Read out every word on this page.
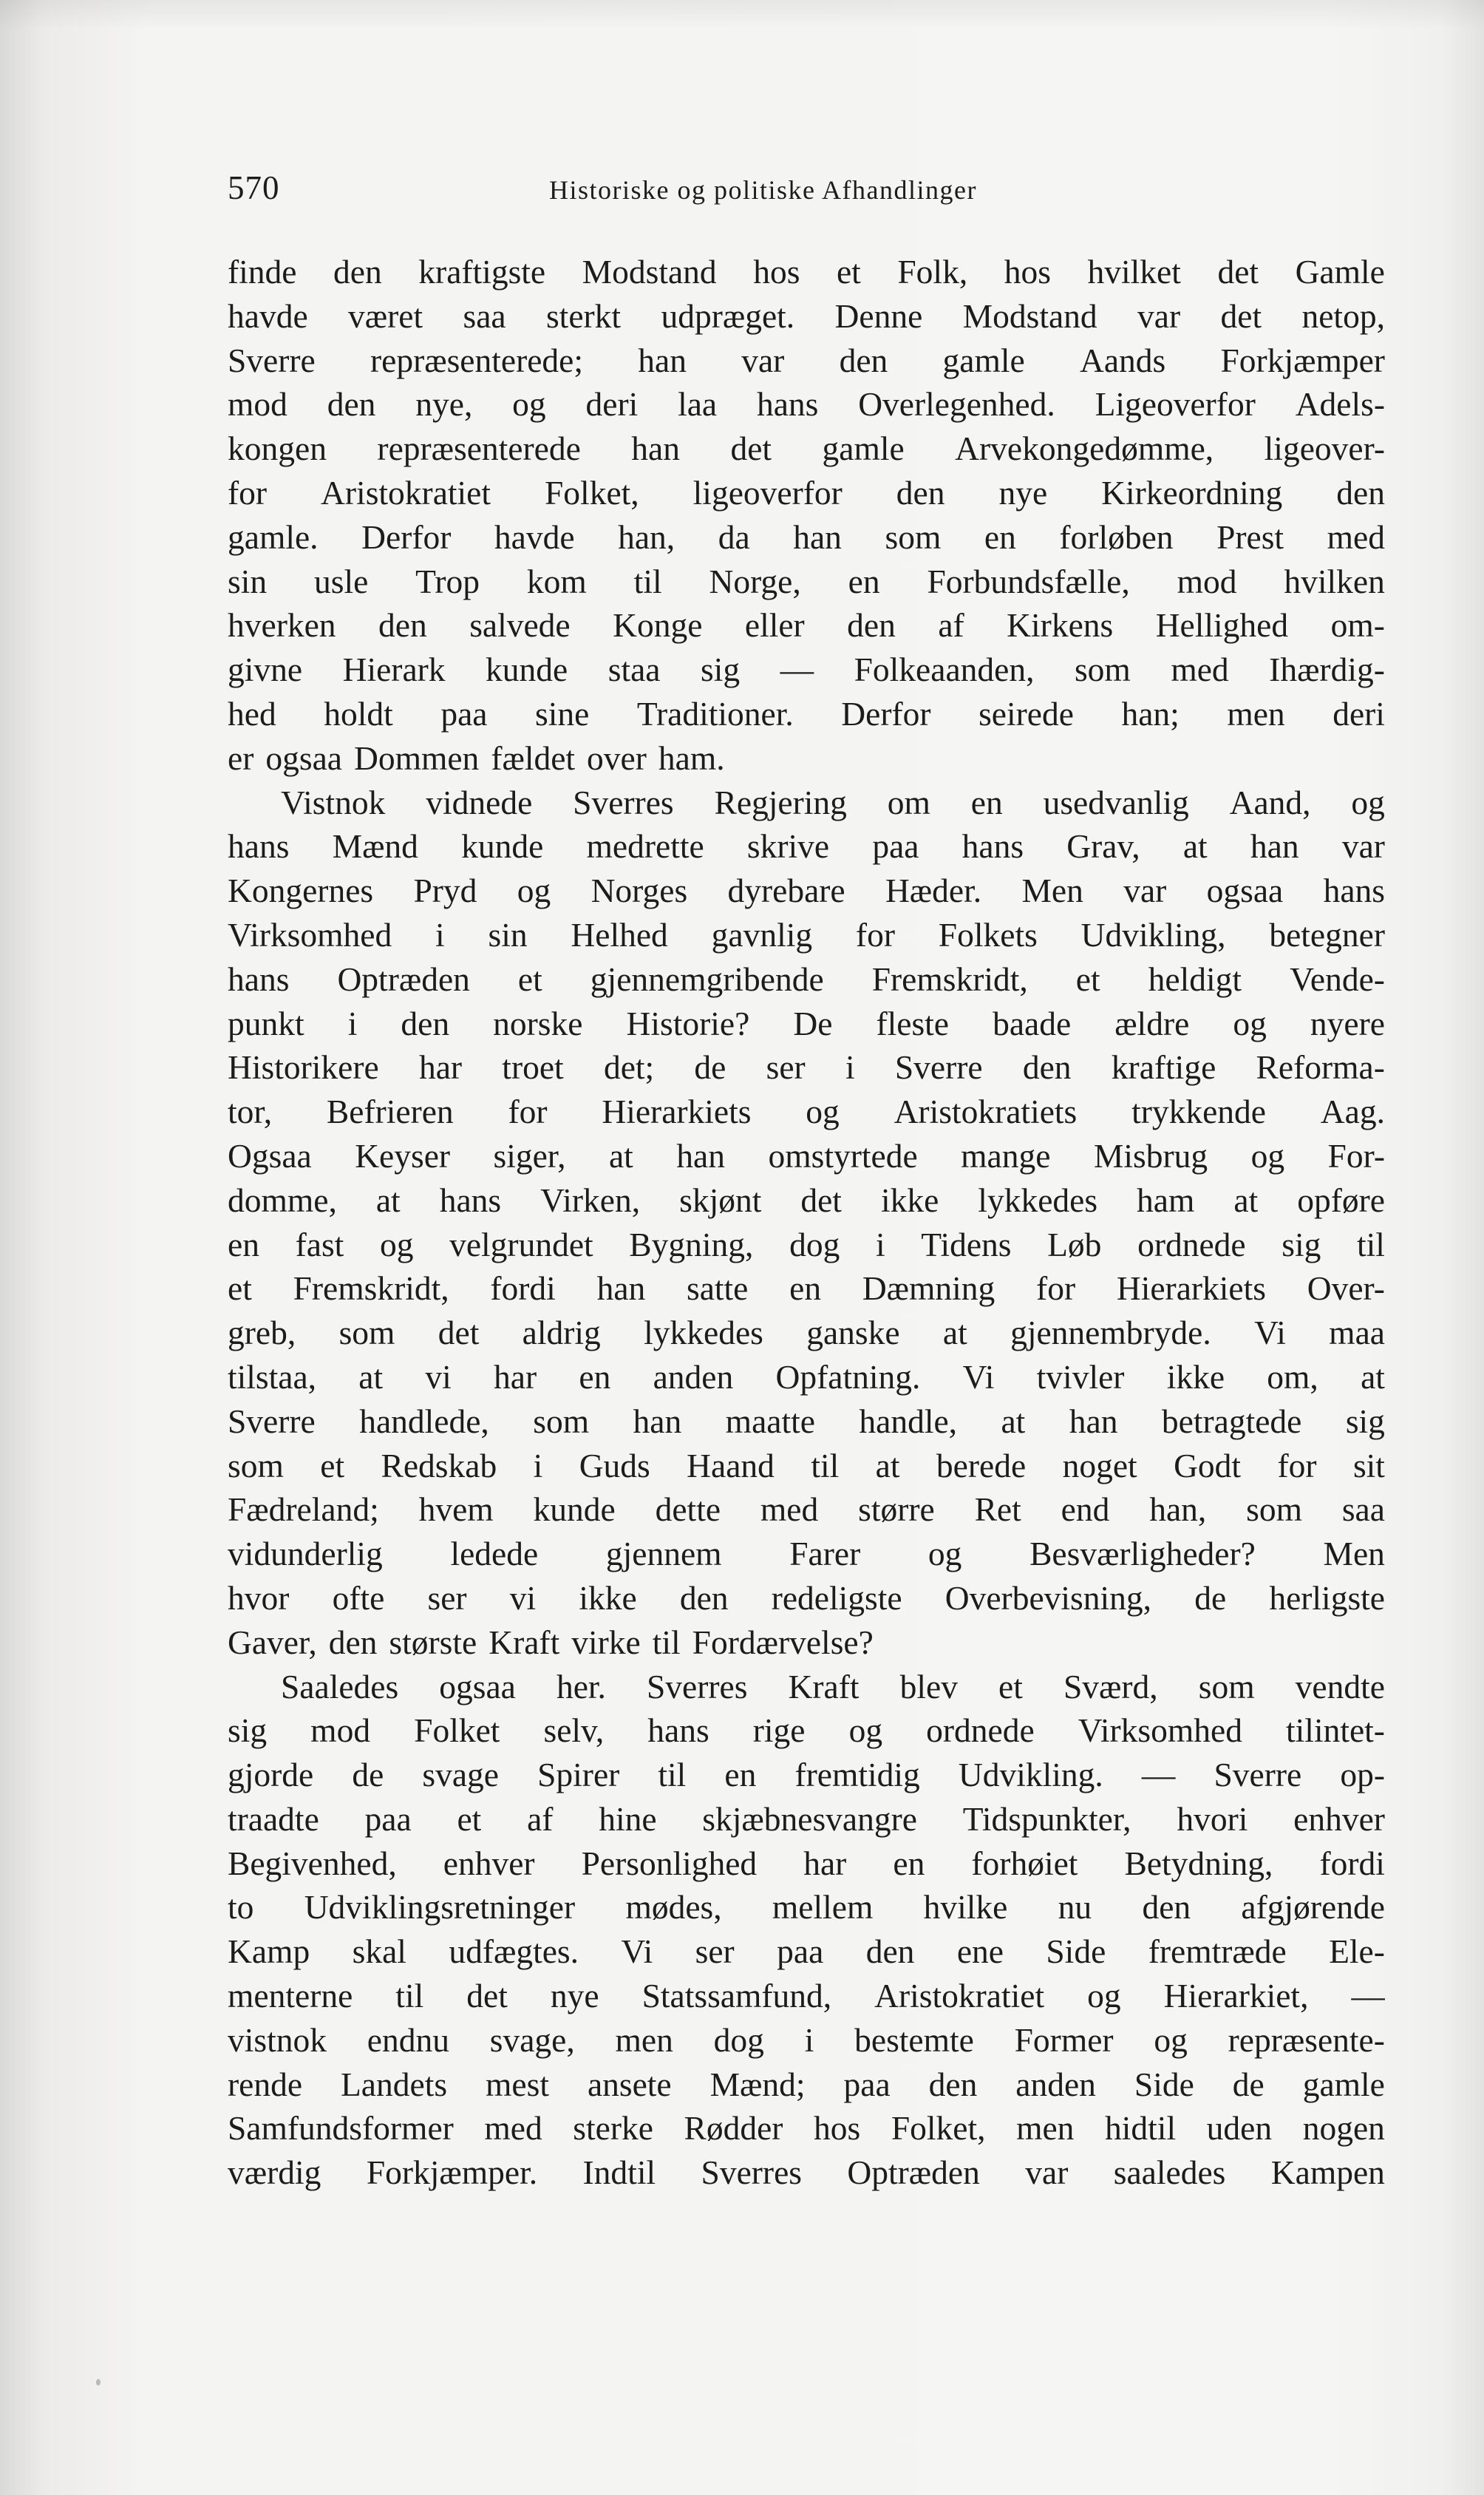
570	Historiske og politiske Afhandlinger
finde den kraftigste Modstand hos et Folk, hos hvilket det Gamle
havde været saa sterkt udpræget. Denne Modstand var det netop,
Sverre repræsenterede; han var den gamle Aands Forkjæmper
mod den nye, og deri laa hans Overlegenhed. Ligeoverfor Adels-
kongen repræsenterede han det gamle Arvekongedømme, ligeover-
for Aristokratiet Folket, ligeoverfor den nye Kirkeordning den
gamle. Derfor havde han, da han som en forløben Prest med
sin usle Trop kom til Norge, en Forbundsfælle, mod hvilken
hverken den salvede Konge eller den af Kirkens Hellighed om-
givne Hierark kunde staa sig — Folkeaanden, som med Ihærdig-
hed holdt paa sine Traditioner. Derfor seirede han; men deri
er ogsaa Dommen fældet over ham.
Vistnok vidnede Sverres Regjering om en usedvanlig Aand, og
hans Mænd kunde medrette skrive paa hans Grav, at han var
Kongernes Pryd og Norges dyrebare Hæder. Men var ogsaa hans
Virksomhed i sin Helhed gavnlig for Folkets Udvikling, betegner
hans Optræden et gjennemgribende Fremskridt, et heldigt Vende-
punkt i den norske Historie? De fleste baade ældre og nyere
Historikere har troet det; de ser i Sverre den kraftige Reforma-
tor, Befrieren for Hierarkiets og Aristokratiets trykkende Aag.
Ogsaa Keyser siger, at han omstyrtede mange Misbrug og For-
domme, at hans Virken, skjønt det ikke lykkedes ham at opføre
en fast og velgrundet Bygning, dog i Tidens Løb ordnede sig til
et Fremskridt, fordi han satte en Dæmning for Hierarkiets Over-
greb, som det aldrig lykkedes ganske at gjennembryde. Vi maa
tilstaa, at vi har en anden Opfatning. Vi tvivler ikke om, at
Sverre handlede, som han maatte handle, at han betragtede sig
som et Redskab i Guds Haand til at berede noget Godt for sit
Fædreland; hvem kunde dette med større Ret end han, som saa
vidunderlig ledede gjennem Farer og Besværligheder? Men
hvor ofte ser vi ikke den redeligste Overbevisning, de herligste
Gaver, den største Kraft virke til Fordærvelse?
Saaledes ogsaa her. Sverres Kraft blev et Sværd, som vendte
sig mod Folket selv, hans rige og ordnede Virksomhed tilintet-
gjorde de svage Spirer til en fremtidig Udvikling. — Sverre op-
traadte paa et af hine skjæbnesvangre Tidspunkter, hvori enhver
Begivenhed, enhver Personlighed har en forhøiet Betydning, fordi
to Udviklingsretninger mødes, mellem hvilke nu den afgjørende
Kamp skal udfægtes. Vi ser paa den ene Side fremtræde Ele-
menterne til det nye Statssamfund, Aristokratiet og Hierarkiet, —
vistnok endnu svage, men dog i bestemte Former og repræsente-
rende Landets mest ansete Mænd; paa den anden Side de gamle
Samfundsformer med sterke Rødder hos Folket, men hidtil uden nogen
værdig Forkjæmper. Indtil Sverres Optræden var saaledes Kampen
